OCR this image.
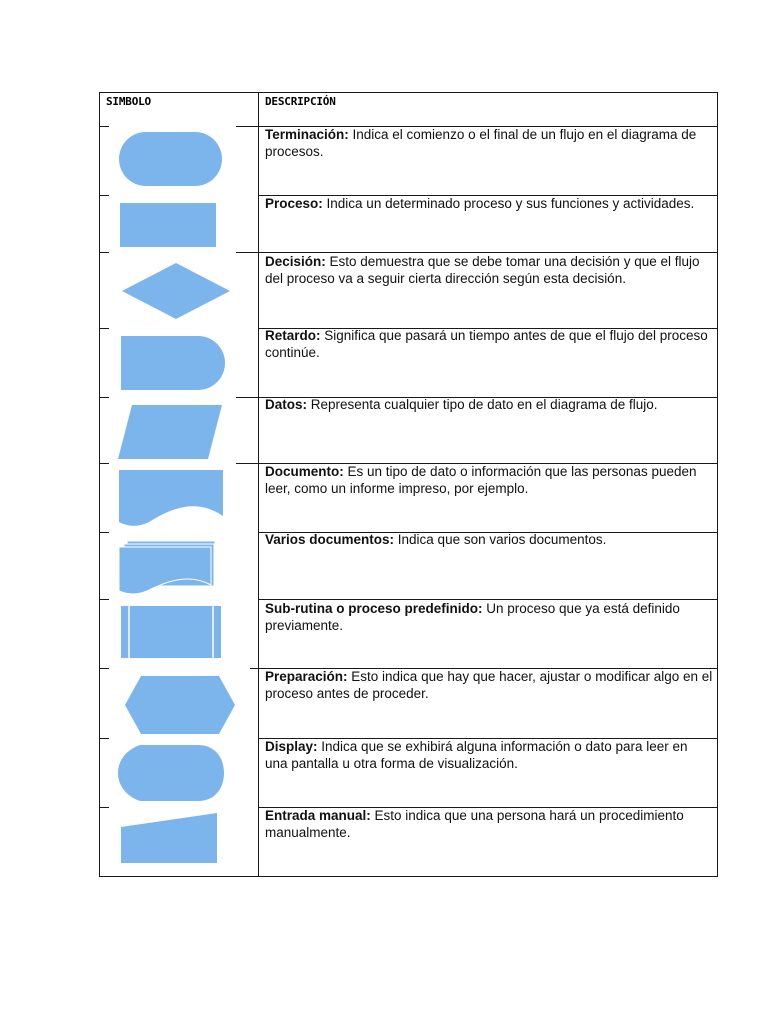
SIMBOLO	DESCRIPCIÓN
Terminación: Indica el comienzo o el final de un flujo en el diagrama de procesos.
Proceso: Indica un determinado proceso y sus funciones y actividades.
Decisión: Esto demuestra que se debe tomar una decisión y que el flujo del proceso va a seguir cierta dirección según esta decisión.
Retardo: Significa que pasará un tiempo antes de que el flujo del proceso continúe.
Datos: Representa cualquier tipo de dato en el diagrama de flujo.
Documento: Es un tipo de dato o información que las personas pueden leer, como un informe impreso, por ejemplo.
Varios documentos: Indica que son varios documentos.
Sub-rutina o proceso predefinido: Un proceso que ya está definido previamente.
Preparación: Esto indica que hay que hacer, ajustar o modificar algo en el proceso antes de proceder.
Display: Indica que se exhibirá alguna información o dato para leer en una pantalla u otra forma de visualización.
Entrada manual: Esto indica que una persona hará un procedimiento manualmente.
